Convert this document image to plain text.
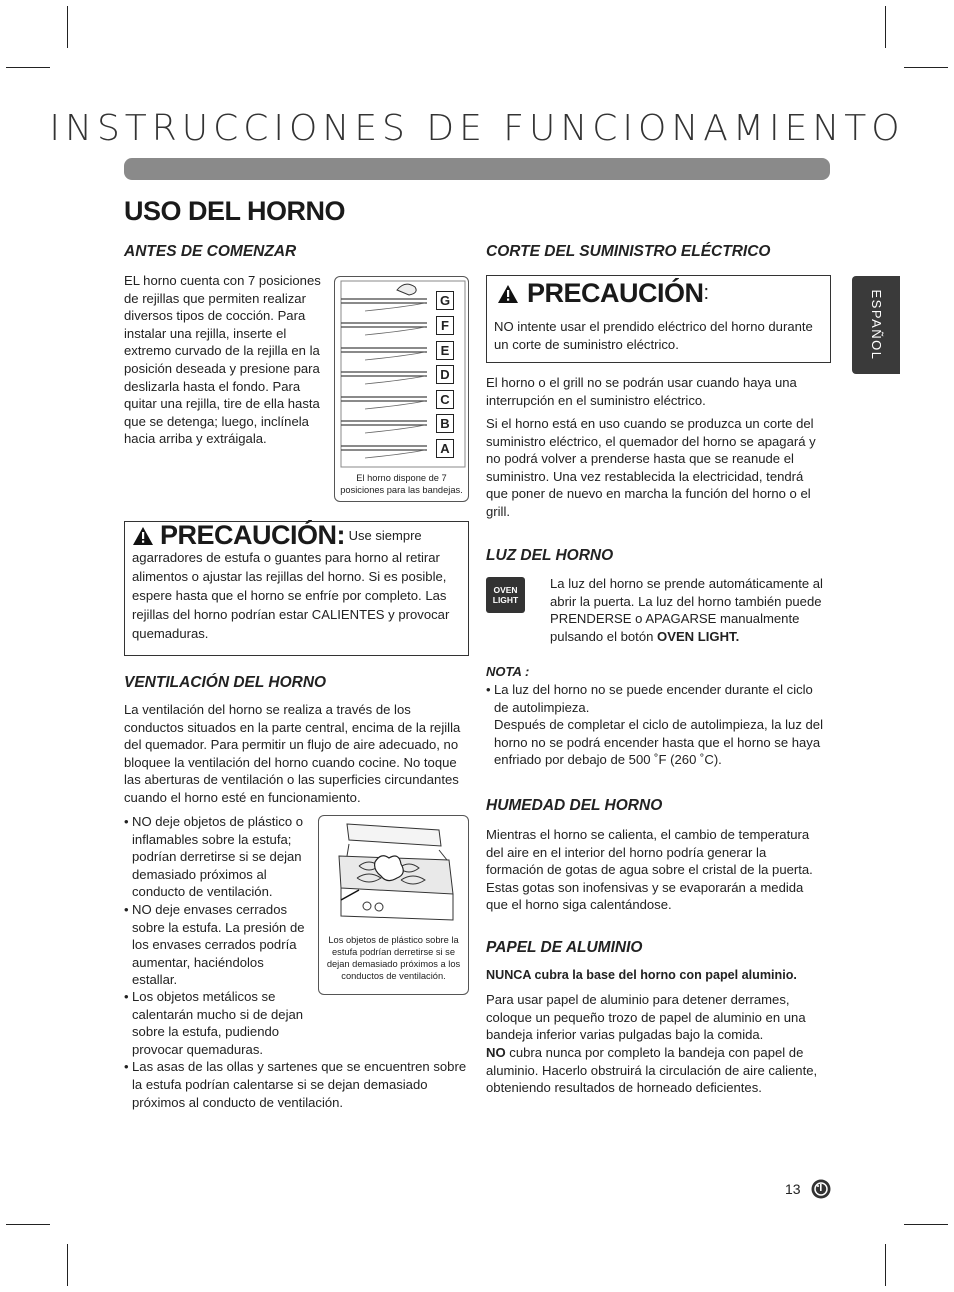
INSTRUCCIONES DE FUNCIONAMIENTO
USO DEL HORNO
ESPAÑOL
ANTES DE COMENZAR
EL horno cuenta con 7 posiciones de rejillas que permiten realizar diversos tipos de cocción. Para instalar una rejilla, inserte el extremo curvado de la rejilla en la posición deseada y presione para deslizarla hasta el fondo. Para quitar una rejilla, tire de ella hasta que se detenga; luego, inclínela hacia arriba y extráigala.
G
F
E
D
C
B
A
El horno dispone de 7 posiciones para las bandejas.
PRECAUCIÓN: Use siempre
agarradores de estufa o guantes para horno al retirar alimentos o ajustar las rejillas del horno. Si es posible, espere hasta que el horno se enfríe por completo. Las rejillas del horno podrían estar CALIENTES y provocar quemaduras.
VENTILACIÓN DEL HORNO
La ventilación del horno se realiza a través de los conductos situados en la parte central, encima de la rejilla del quemador. Para permitir un flujo de aire adecuado, no bloquee la ventilación del horno cuando cocine. No toque las aberturas de ventilación o las superficies circundantes cuando el horno esté en funcionamiento.
• NO deje objetos de plástico o inflamables sobre la estufa; podrían derretirse si se dejan demasiado próximos al conducto de ventilación.
• NO deje envases cerrados sobre la estufa. La presión de los envases cerrados podría aumentar, haciéndolos estallar.
• Los objetos metálicos se calentarán mucho si de dejan sobre la estufa, pudiendo provocar quemaduras.
• Las asas de las ollas y sartenes que se encuentren sobre la estufa podrían calentarse si se dejan demasiado próximos al conducto de ventilación.
Los objetos de plástico sobre la estufa podrían derretirse si se dejan demasiado próximos a los conductos de ventilación.
CORTE DEL SUMINISTRO ELÉCTRICO
PRECAUCIÓN:
NO intente usar el prendido eléctrico del horno durante un corte de suministro eléctrico.
El horno o el grill no se podrán usar cuando haya una interrupción en el suministro eléctrico.
Si el horno está en uso cuando se produzca un corte del suministro eléctrico, el quemador del horno se apagará y no podrá volver a prenderse hasta que se reanude el suministro. Una vez restablecida la electricidad, tendrá que poner de nuevo en marcha la función del horno o el grill.
LUZ DEL HORNO
OVEN
LIGHT
La luz del horno se prende automáticamente al abrir la puerta. La luz del horno también puede PRENDERSE o APAGARSE manualmente pulsando el botón OVEN LIGHT.
NOTA :
• La luz del horno no se puede encender durante el ciclo de autolimpieza.
Después de completar el ciclo de autolimpieza, la luz del horno no se podrá encender hasta que el horno se haya enfriado por debajo de 500 ˚F (260 ˚C).
HUMEDAD DEL HORNO
Mientras el horno se calienta, el cambio de temperatura del aire en el interior del horno podría generar la formación de gotas de agua sobre el cristal de la puerta. Estas gotas son inofensivas y se evaporarán a medida que el horno siga calentándose.
PAPEL DE ALUMINIO
NUNCA cubra la base del horno con papel aluminio.
Para usar papel de aluminio para detener derrames, coloque un pequeño trozo de papel de aluminio en una bandeja inferior varias pulgadas bajo la comida.
NO cubra nunca por completo la bandeja con papel de aluminio. Hacerlo obstruirá la circulación de aire caliente, obteniendo resultados de horneado deficientes.
13
